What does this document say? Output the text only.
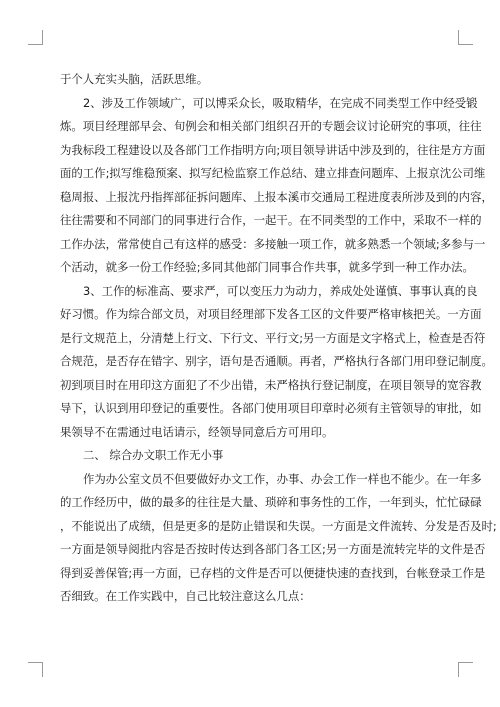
于个人充实头脑，活跃思维。
2、涉及工作领域广，可以博采众长，吸取精华，在完成不同类型工作中经受锻
炼。项目经理部早会、旬例会和相关部门组织召开的专题会议讨论研究的事项，往往
为我标段工程建设以及各部门工作指明方向;项目领导讲话中涉及到的，往往是方方面
面的工作;拟写维稳预案、拟写纪检监察工作总结、建立排查问题库、上报京沈公司维
稳周报、上报沈丹指挥部征拆问题库、上报本溪市交通局工程进度表所涉及到的内容，
往往需要和不同部门的同事进行合作，一起干。在不同类型的工作中，采取不一样的
工作办法，常常使自己有这样的感受：多接触一项工作，就多熟悉一个领域;多参与一
个活动，就多一份工作经验;多同其他部门同事合作共事，就多学到一种工作办法。
3、工作的标准高、要求严，可以变压力为动力，养成处处谨慎、事事认真的良
好习惯。作为综合部文员，对项目经理部下发各工区的文件要严格审核把关。一方面
是行文规范上，分清楚上行文、下行文、平行文;另一方面是文字格式上，检查是否符
合规范，是否存在错字、别字，语句是否通顺。再者，严格执行各部门用印登记制度。
初到项目时在用印这方面犯了不少出错，未严格执行登记制度，在项目领导的宽容教
导下，认识到用印登记的重要性。各部门使用项目印章时必须有主管领导的审批，如
果领导不在需通过电话请示，经领导同意后方可用印。
二、 综合办文职工作无小事
作为办公室文员不但要做好办文工作，办事、办会工作一样也不能少。在一年多
的工作经历中，做的最多的往往是大量、琐碎和事务性的工作，一年到头，忙忙碌碌
，不能说出了成绩，但是更多的是防止错误和失误。一方面是文件流转、分发是否及时;
一方面是领导阅批内容是否按时传达到各部门各工区;另一方面是流转完毕的文件是否
得到妥善保管;再一方面，已存档的文件是否可以便捷快速的查找到，台帐登录工作是
否细致。在工作实践中，自己比较注意这么几点：
